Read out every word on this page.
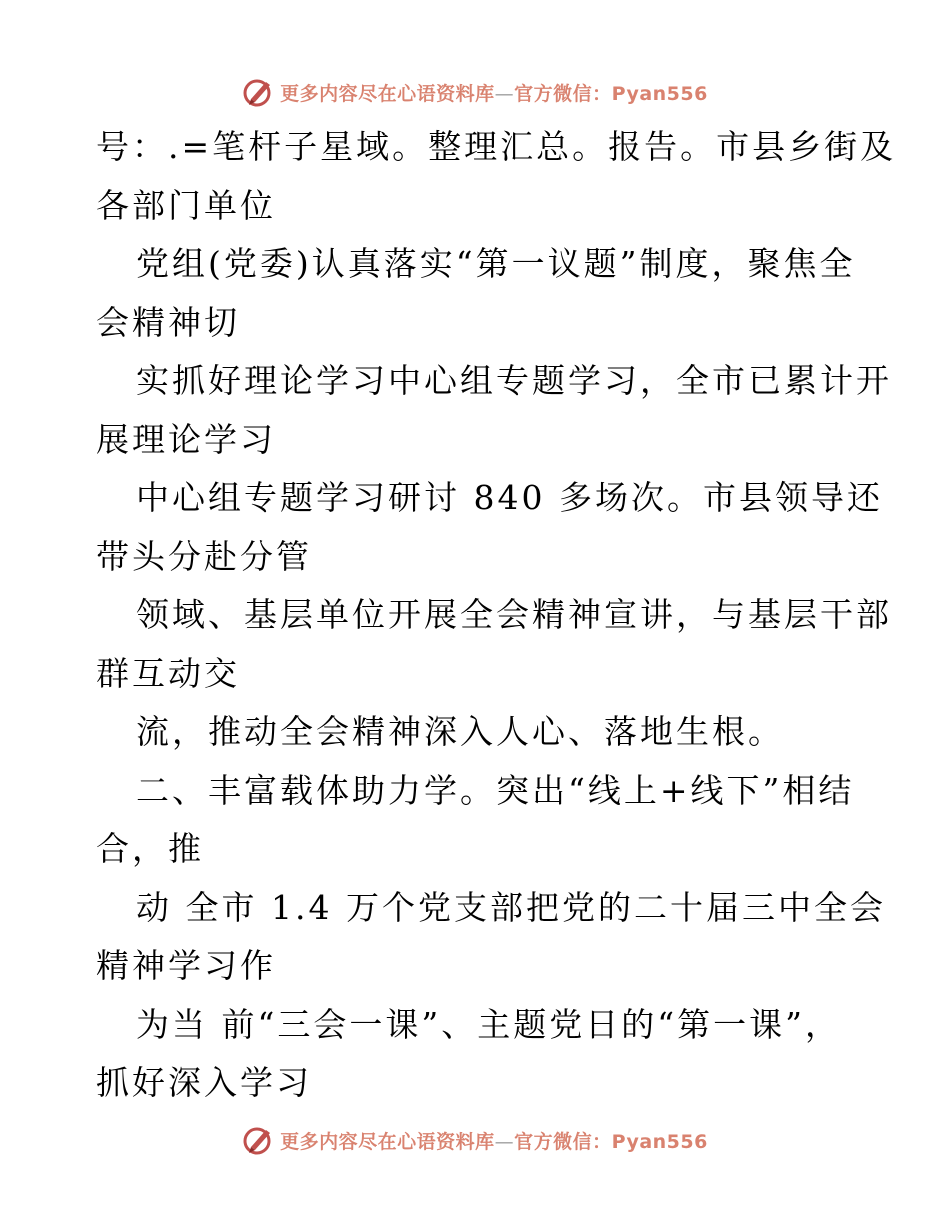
更多内容尽在心语资料库—官方微信：Pyan556
号：.=笔杆子星域。整理汇总。报告。市县乡街及
各部门单位
党组(党委)认真落实“第一议题”制度，聚焦全
会精神切
实抓好理论学习中心组专题学习，全市已累计开
展理论学习
中心组专题学习研讨 840 多场次。市县领导还
带头分赴分管
领域、基层单位开展全会精神宣讲，与基层干部
群互动交
流，推动全会精神深入人心、落地生根。
二、丰富载体助力学。突出“线上+线下”相结
合，推
动 全市 1.4 万个党支部把党的二十届三中全会
精神学习作
为当 前“三会一课”、主题党日的“第一课”，
抓好深入学习
更多内容尽在心语资料库—官方微信：Pyan556
